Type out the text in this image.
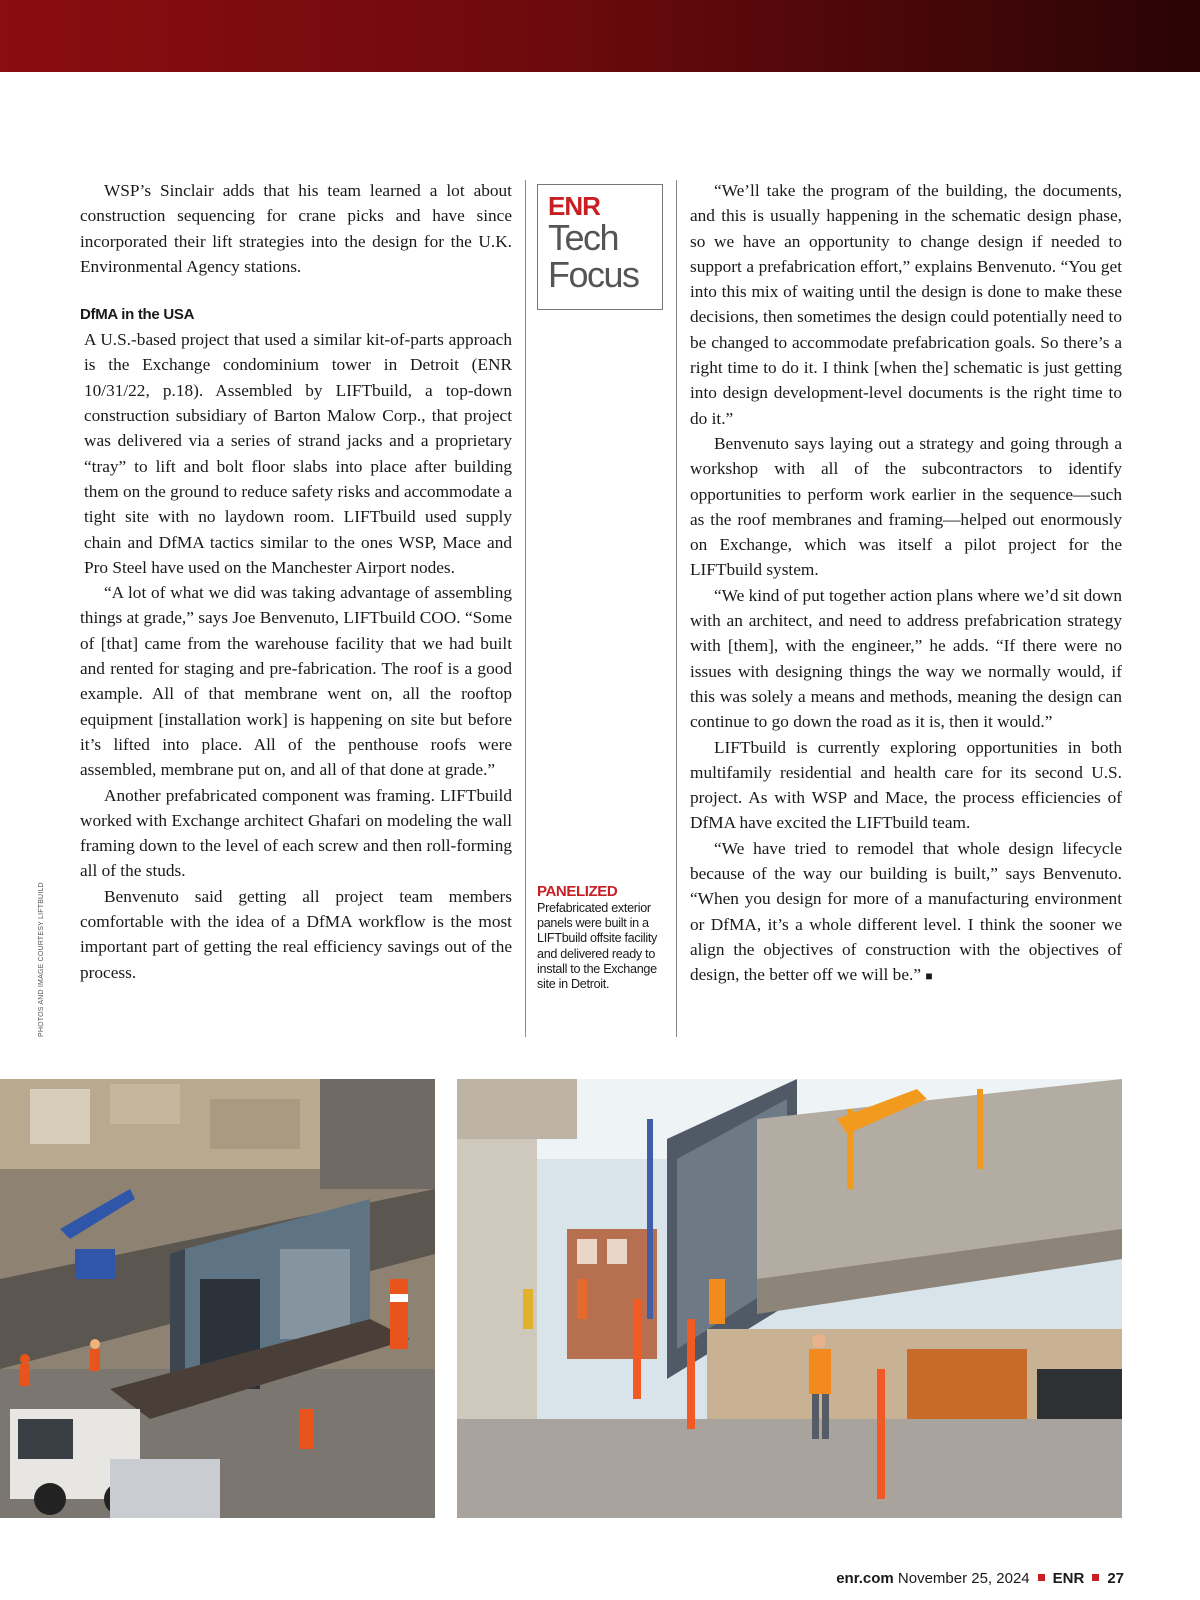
PHOTOS AND IMAGE COURTESY LIFTBUILD

WSP’s Sinclair adds that his team learned a lot about construction sequencing for crane picks and have since incorporated their lift strategies into the design for the U.K. Environmental Agency stations.

DfMA in the USA

A U.S.-based project that used a similar kit-of-parts approach is the Exchange condominium tower in Detroit (ENR 10/31/22, p.18). Assembled by LIFTbuild, a top-down construction subsidiary of Barton Malow Corp., that project was delivered via a series of strand jacks and a proprietary “tray” to lift and bolt floor slabs into place after building them on the ground to reduce safety risks and accommodate a tight site with no laydown room. LIFTbuild used supply chain and DfMA tactics similar to the ones WSP, Mace and Pro Steel have used on the Manchester Airport nodes.

“A lot of what we did was taking advantage of assembling things at grade,” says Joe Benvenuto, LIFTbuild COO. “Some of [that] came from the warehouse facility that we had built and rented for staging and pre-fabrication. The roof is a good example. All of that membrane went on, all the rooftop equipment [installation work] is happening on site but before it’s lifted into place. All of the penthouse roofs were assembled, membrane put on, and all of that done at grade.”

Another prefabricated component was framing. LIFTbuild worked with Exchange architect Ghafari on modeling the wall framing down to the level of each screw and then roll-forming all of the studs.

Benvenuto said getting all project team members comfortable with the idea of a DfMA workflow is the most important part of getting the real efficiency savings out of the process.

ENR
Tech
Focus
PANELIZED
Prefabricated exterior panels were built in a LIFTbuild offsite facility and delivered ready to install to the Exchange site in Detroit.

“We’ll take the program of the building, the documents, and this is usually happening in the schematic design phase, so we have an opportunity to change design if needed to support a prefabrication effort,” explains Benvenuto. “You get into this mix of waiting until the design is done to make these decisions, then sometimes the design could potentially need to be changed to accommodate prefabrication goals. So there’s a right time to do it. I think [when the] schematic is just getting into design development-level documents is the right time to do it.”

Benvenuto says laying out a strategy and going through a workshop with all of the subcontractors to identify opportunities to perform work earlier in the sequence—such as the roof membranes and framing—helped out enormously on Exchange, which was itself a pilot project for the LIFTbuild system.

“We kind of put together action plans where we’d sit down with an architect, and need to address prefabrication strategy with [them], with the engineer,” he adds. “If there were no issues with designing things the way we normally would, if this was solely a means and methods, meaning the design can continue to go down the road as it is, then it would.”

LIFTbuild is currently exploring opportunities in both multifamily residential and health care for its second U.S. project. As with WSP and Mace, the process efficiencies of DfMA have excited the LIFTbuild team.

“We have tried to remodel that whole design lifecycle because of the way our building is built,” says Benvenuto. “When you design for more of a manufacturing environment or DfMA, it’s a whole different level. I think the sooner we align the objectives of construction with the objectives of design, the better off we will be.” ■

enr.com November 25, 2024 ENR 27
